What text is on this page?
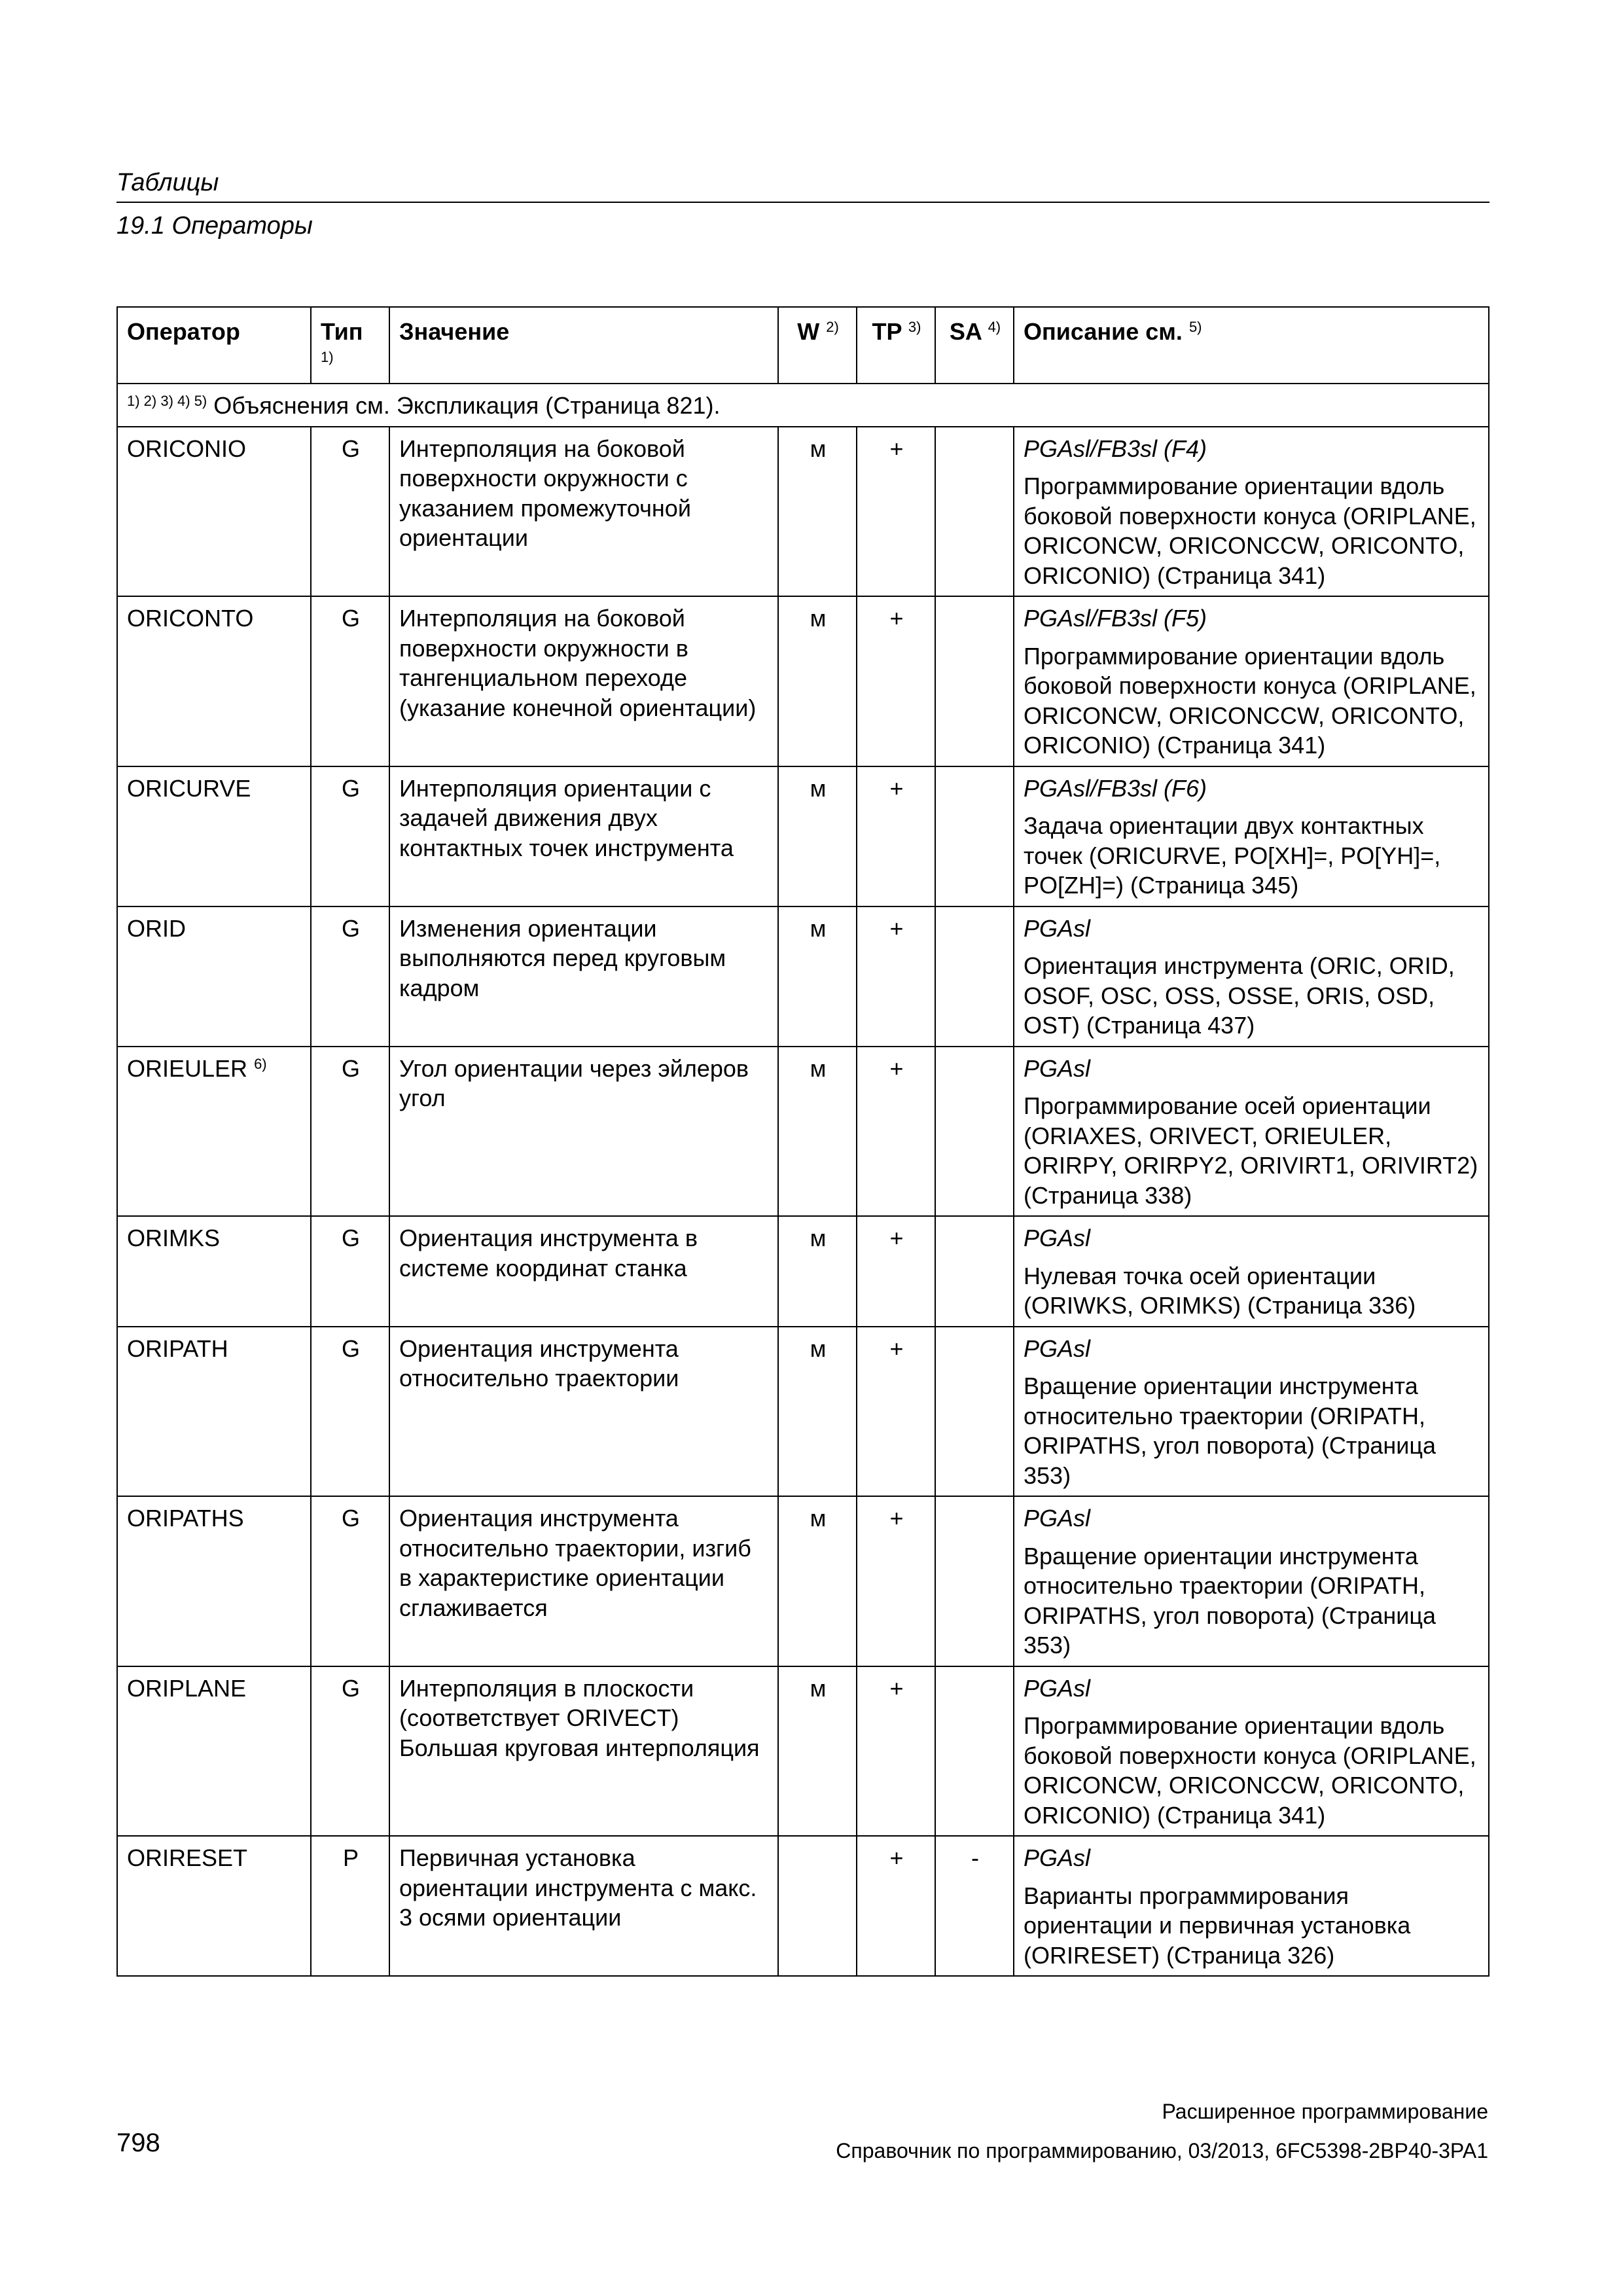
Таблицы
19.1 Операторы
Оператор	Тип $^{1)}$	Значение	W $^{2)}$	TP $^{3)}$	SA $^{4)}$	Описание см. $^{5)}$
$^{1) 2) 3) 4) 5)}$ Объяснения см. Экспликация (Страница 821).						
ORICONIO	G	Интерполяция на боковой поверхности окружности с указанием промежуточной ориентации	м	+		PGAsl/FB3sl (F4)
Программирование ориентации вдоль боковой поверхности конуса (ORIPLANE, ORICONCW, ORICONCCW, ORICONTO, ORICONIO) (Страница 341)
ORICONTO	G	Интерполяция на боковой поверхности окружности в тангенциальном переходе (указание конечной ориентации)	м	+		PGAsl/FB3sl (F5)
Программирование ориентации вдоль боковой поверхности конуса (ORIPLANE, ORICONCW, ORICONCCW, ORICONTO, ORICONIO) (Страница 341)
ORICURVE	G	Интерполяция ориентации с задачей движения двух контактных точек инструмента	м	+		PGAsl/FB3sl (F6)
Задача ориентации двух контактных точек (ORICURVE, PO[XH]=, PO[YH]=, PO[ZH]=) (Страница 345)
ORID	G	Изменения ориентации выполняются перед круговым кадром	м	+		PGAsl
Ориентация инструмента (ORIC, ORID, OSOF, OSC, OSS, OSSE, ORIS, OSD, OST) (Страница 437)
ORIEULER $^{6)}$	G	Угол ориентации через эйлеров угол	м	+		PGAsl
Программирование осей ориентации (ORIAXES, ORIVECT, ORIEULER, ORIRPY, ORIRPY2, ORIVIRT1, ORIVIRT2) (Страница 338)
ORIMKS	G	Ориентация инструмента в системе координат станка	м	+		PGAsl
Нулевая точка осей ориентации (ORIWKS, ORIMKS) (Страница 336)
ORIPATH	G	Ориентация инструмента относительно траектории	м	+		PGAsl
Вращение ориентации инструмента относительно траектории (ORIPATH, ORIPATHS, угол поворота) (Страница 353)
ORIPATHS	G	Ориентация инструмента относительно траектории, изгиб в характеристике ориентации сглаживается	м	+		PGAsl
Вращение ориентации инструмента относительно траектории (ORIPATH, ORIPATHS, угол поворота) (Страница 353)
ORIPLANE	G	Интерполяция в плоскости (соответствует ORIVECT) Большая круговая интерполяция	м	+		PGAsl
Программирование ориентации вдоль боковой поверхности конуса (ORIPLANE, ORICONCW, ORICONCCW, ORICONTO, ORICONIO) (Страница 341)
ORIRESET	P	Первичная установка ориентации инструмента с макс. 3 осями ориентации		+	-	PGAsl
Варианты программирования ориентации и первичная установка (ORIRESET) (Страница 326)
Расширенное программирование
798	Справочник по программированию, 03/2013, 6FC5398-2BP40-3PA1
